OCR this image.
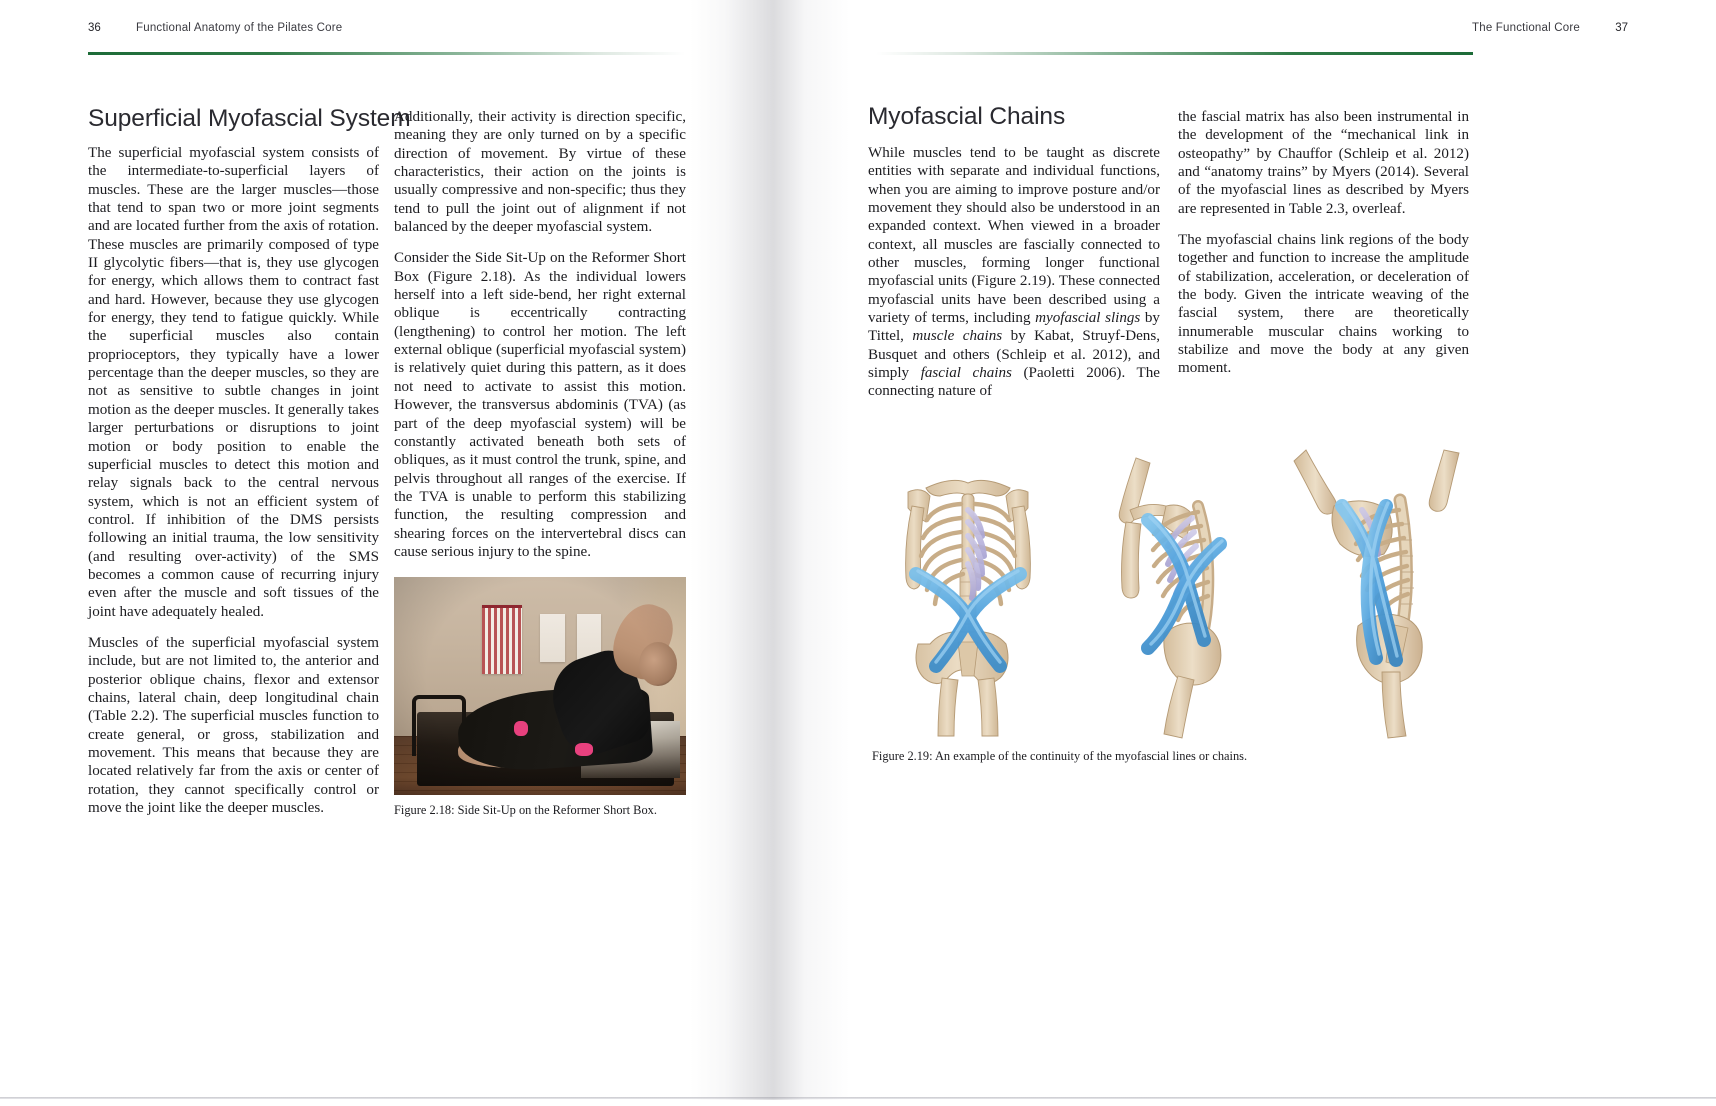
36	Functional Anatomy of the Pilates Core
Superficial Myofascial System

The superficial myofascial system consists of the intermediate-to-superficial layers of muscles. These are the larger muscles—those that tend to span two or more joint segments and are located further from the axis of rotation. These muscles are primarily composed of type II glycolytic fibers—that is, they use glycogen for energy, which allows them to contract fast and hard. However, because they use glycogen for energy, they tend to fatigue quickly. While the superficial muscles also contain proprioceptors, they typically have a lower percentage than the deeper muscles, so they are not as sensitive to subtle changes in joint motion as the deeper muscles. It generally takes larger perturbations or disruptions to joint motion or body position to enable the superficial muscles to detect this motion and relay signals back to the central nervous system, which is not an efficient system of control. If inhibition of the DMS persists following an initial trauma, the low sensitivity (and resulting over-activity) of the SMS becomes a common cause of recurring injury even after the muscle and soft tissues of the joint have adequately healed.

Muscles of the superficial myofascial system include, but are not limited to, the anterior and posterior oblique chains, flexor and extensor chains, lateral chain, deep longitudinal chain (Table 2.2). The superficial muscles function to create general, or gross, stabilization and movement. This means that because they are located relatively far from the axis or center of rotation, they cannot specifically control or move the joint like the deeper muscles.

Additionally, their activity is direction specific, meaning they are only turned on by a specific direction of movement. By virtue of these characteristics, their action on the joints is usually compressive and non-specific; thus they tend to pull the joint out of alignment if not balanced by the deeper myofascial system.

Consider the Side Sit-Up on the Reformer Short Box (Figure 2.18). As the individual lowers herself into a left side-bend, her right external oblique is eccentrically contracting (lengthening) to control her motion. The left external oblique (superficial myofascial system) is relatively quiet during this pattern, as it does not need to activate to assist this motion. However, the transversus abdominis (TVA) (as part of the deep myofascial system) will be constantly activated beneath both sets of obliques, as it must control the trunk, spine, and pelvis throughout all ranges of the exercise. If the TVA is unable to perform this stabilizing function, the resulting compression and shearing forces on the intervertebral discs can cause serious injury to the spine.

Figure 2.18: Side Sit-Up on the Reformer Short Box.
The Functional Core	37
Myofascial Chains

While muscles tend to be taught as discrete entities with separate and individual functions, when you are aiming to improve posture and/or movement they should also be understood in an expanded context. When viewed in a broader context, all muscles are fascially connected to other muscles, forming longer functional myofascial units (Figure 2.19). These connected myofascial units have been described using a variety of terms, including myofascial slings by Tittel, muscle chains by Kabat, Struyf-Dens, Busquet and others (Schleip et al. 2012), and simply fascial chains (Paoletti 2006). The connecting nature of

the fascial matrix has also been instrumental in the development of the “mechanical link in osteopathy” by Chauffor (Schleip et al. 2012) and “anatomy trains” by Myers (2014). Several of the myofascial lines as described by Myers are represented in Table 2.3, overleaf.

The myofascial chains link regions of the body together and function to increase the amplitude of stabilization, acceleration, or deceleration of the body. Given the intricate weaving of the fascial system, there are theoretically innumerable muscular chains working to stabilize and move the body at any given moment.

Figure 2.19: An example of the continuity of the myofascial lines or chains.
